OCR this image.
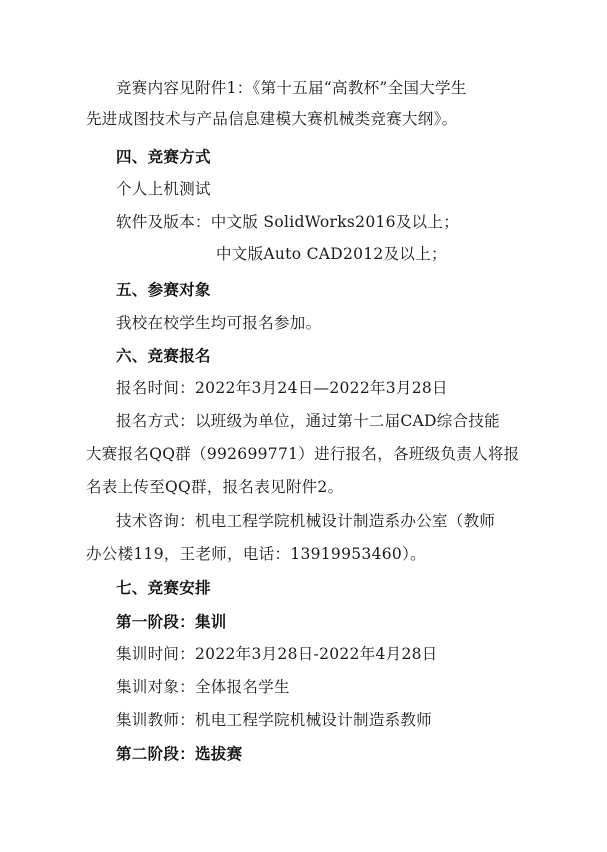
竞赛内容见附件1：《第十五届“高教杯”全国大学生
先进成图技术与产品信息建模大赛机械类竞赛大纲》。
四、竞赛方式
个人上机测试
软件及版本：中文版 SolidWorks2016及以上；
中文版Auto CAD2012及以上；
五、参赛对象
我校在校学生均可报名参加。
六、竞赛报名
报名时间：2022年3月24日—2022年3月28日
报名方式：以班级为单位，通过第十二届CAD综合技能
大赛报名QQ群（992699771）进行报名，各班级负责人将报
名表上传至QQ群，报名表见附件2。
技术咨询：机电工程学院机械设计制造系办公室（教师
办公楼119，王老师，电话：13919953460）。
七、竞赛安排
第一阶段：集训
集训时间：2022年3月28日-2022年4月28日
集训对象：全体报名学生
集训教师：机电工程学院机械设计制造系教师
第二阶段：选拔赛
